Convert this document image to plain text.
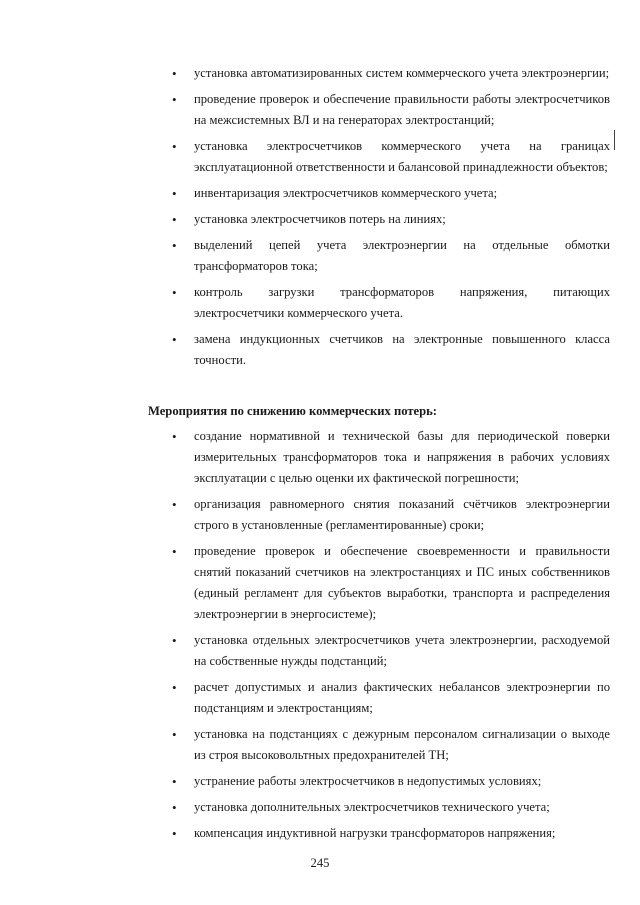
• установка автоматизированных систем коммерческого учета электроэнергии;
• проведение проверок и обеспечение правильности работы электросчетчиков на межсистемных ВЛ и на генераторах электростанций;
• установка электросчетчиков коммерческого учета на границах эксплуатационной ответственности и балансовой принадлежности объектов;
• инвентаризация электросчетчиков коммерческого учета;
• установка электросчетчиков потерь на линиях;
• выделений цепей учета электроэнергии на отдельные обмотки трансформаторов тока;
• контроль загрузки трансформаторов напряжения, питающих электросчетчики коммерческого учета.
• замена индукционных счетчиков на электронные повышенного класса точности.
Мероприятия по снижению коммерческих потерь:
• создание нормативной и технической базы для периодической поверки измерительных трансформаторов тока и напряжения в рабочих условиях эксплуатации с целью оценки их фактической погрешности;
• организация равномерного снятия показаний счётчиков электроэнергии строго в установленные (регламентированные) сроки;
• проведение проверок и обеспечение своевременности и правильности снятий показаний счетчиков на электростанциях и ПС иных собственников (единый регламент для субъектов выработки, транспорта и распределения электроэнергии в энергосистеме);
• установка отдельных электросчетчиков учета электроэнергии, расходуемой на собственные нужды подстанций;
• расчет допустимых и анализ фактических небалансов электроэнергии по подстанциям и электростанциям;
• установка на подстанциях с дежурным персоналом сигнализации о выходе из строя высоковольтных предохранителей ТН;
• устранение работы электросчетчиков в недопустимых условиях;
• установка дополнительных электросчетчиков технического учета;
• компенсация индуктивной нагрузки трансформаторов напряжения;
245
